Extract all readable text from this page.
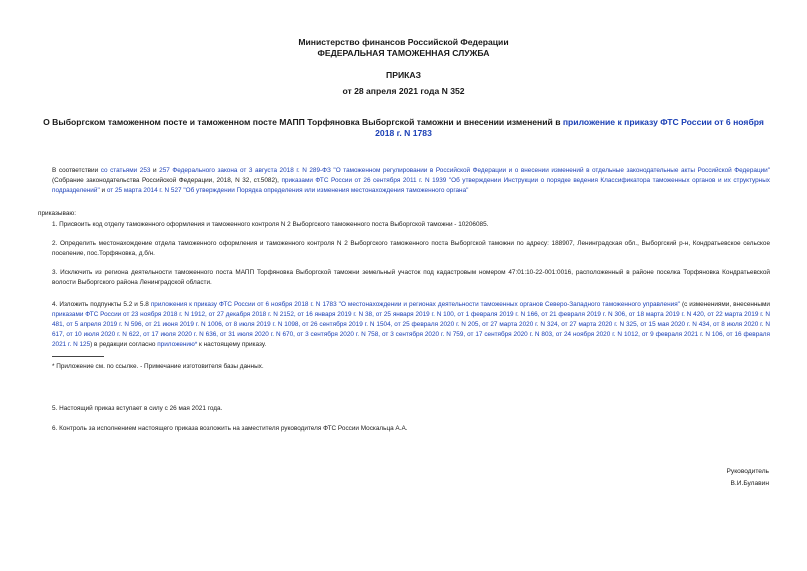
Министерство финансов Российской Федерации
ФЕДЕРАЛЬНАЯ ТАМОЖЕННАЯ СЛУЖБА
ПРИКАЗ
от 28 апреля 2021 года N 352
О Выборгском таможенном посте и таможенном посте МАПП Торфяновка Выборгской таможни и внесении изменений в приложение к приказу ФТС России от 6 ноября 2018 г. N 1783
В соответствии со статьями 253 и 257 Федерального закона от 3 августа 2018 г. N 289-ФЗ "О таможенном регулировании в Российской Федерации и о внесении изменений в отдельные законодательные акты Российской Федерации" (Собрание законодательства Российской Федерации, 2018, N 32, ст.5082), приказами ФТС России от 26 сентября 2011 г. N 1939 "Об утверждении Инструкции о порядке ведения Классификатора таможенных органов и их структурных подразделений" и от 25 марта 2014 г. N 527 "Об утверждении Порядка определения или изменения местонахождения таможенного органа"
приказываю:
1. Присвоить код отделу таможенного оформления и таможенного контроля N 2 Выборгского таможенного поста Выборгской таможни - 10206085.
2. Определить местонахождение отдела таможенного оформления и таможенного контроля N 2 Выборгского таможенного поста Выборгской таможни по адресу: 188907, Ленинградская обл., Выборгский р-н, Кондратьевское сельское поселение, пос.Торфяновка, д.б/н.
3. Исключить из региона деятельности таможенного поста МАПП Торфяновка Выборгской таможни земельный участок под кадастровым номером 47:01:10-22-001:0016, расположенный в районе поселка Торфяновка Кондратьевской волости Выборгского района Ленинградской области.
4. Изложить подпункты 5.2 и 5.8 приложения к приказу ФТС России от 6 ноября 2018 г. N 1783 "О местонахождении и регионах деятельности таможенных органов Северо-Западного таможенного управления" (с изменениями, внесенными приказами ФТС России от 23 ноября 2018 г. N 1912, от 27 декабря 2018 г. N 2152, от 16 января 2019 г. N 38, от 25 января 2019 г. N 100, от 1 февраля 2019 г. N 166, от 21 февраля 2019 г. N 306, от 18 марта 2019 г. N 420, от 22 марта 2019 г. N 481, от 5 апреля 2019 г. N 596, от 21 июня 2019 г. N 1006, от 8 июля 2019 г. N 1098, от 26 сентября 2019 г. N 1504, от 25 февраля 2020 г. N 205, от 27 марта 2020 г. N 324, от 27 марта 2020 г. N 325, от 15 мая 2020 г. N 434, от 8 июля 2020 г. N 617, от 10 июля 2020 г. N 622, от 17 июля 2020 г. N 636, от 31 июля 2020 г. N 670, от 3 сентября 2020 г. N 758, от 3 сентября 2020 г. N 759, от 17 сентября 2020 г. N 803, от 24 ноября 2020 г. N 1012, от 9 февраля 2021 г. N 106, от 16 февраля 2021 г. N 125) в редакции согласно приложению* к настоящему приказу.
* Приложение см. по ссылке. - Примечание изготовителя базы данных.
5. Настоящий приказ вступает в силу с 26 мая 2021 года.
6. Контроль за исполнением настоящего приказа возложить на заместителя руководителя ФТС России Москальца А.А.
Руководитель
В.И.Булавин
